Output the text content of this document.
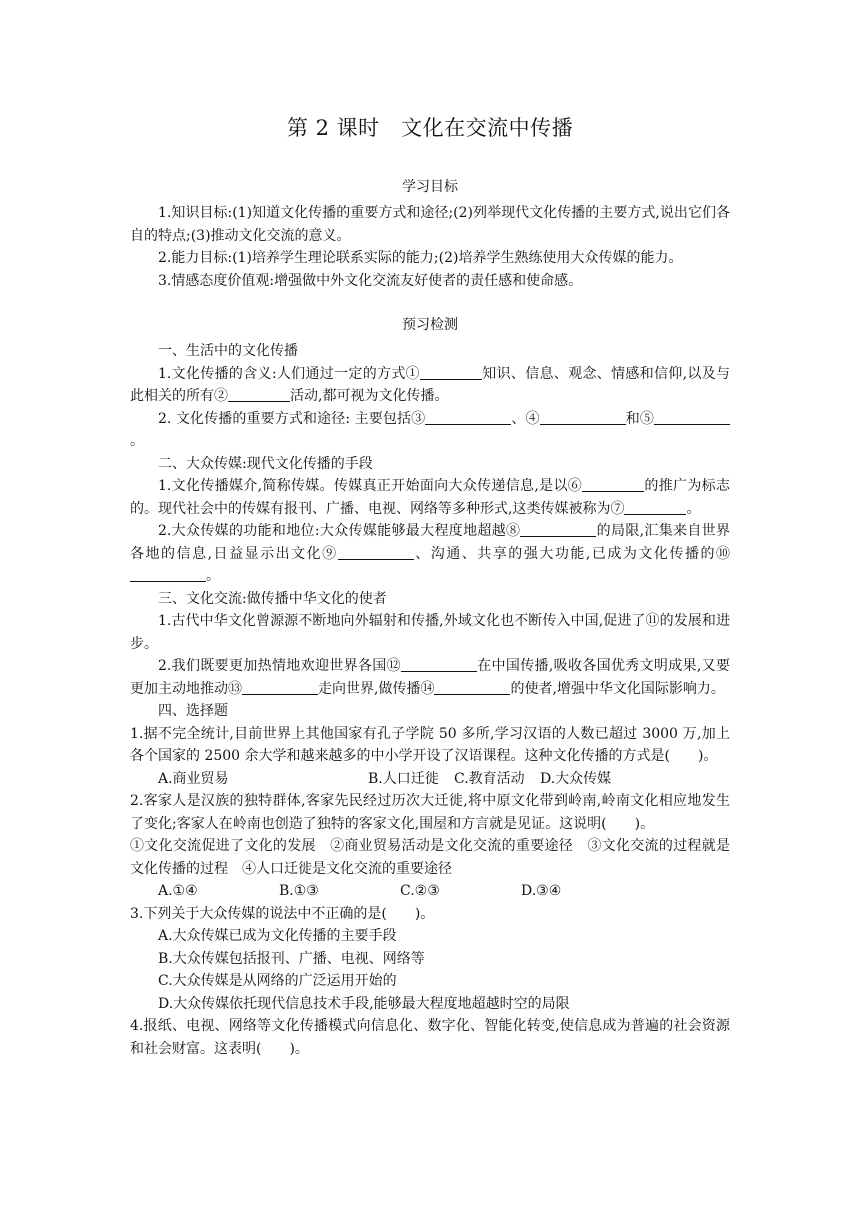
第 2 课时　文化在交流中传播
学习目标

1.知识目标:(1)知道文化传播的重要方式和途径;(2)列举现代文化传播的主要方式,说出它们各自的特点;(3)推动文化交流的意义。

2.能力目标:(1)培养学生理论联系实际的能力;(2)培养学生熟练使用大众传媒的能力。

3.情感态度价值观:增强做中外文化交流友好使者的责任感和使命感。

预习检测

一、生活中的文化传播

1.文化传播的含义:人们通过一定的方式①	知识、信息、观念、情感和信仰,以及与此相关的所有②	活动,都可视为文化传播。

2. 文化传播的重要方式和途径: 主要包括③	、④	和⑤。

二、大众传媒:现代文化传播的手段

1.文化传播媒介,简称传媒。传媒真正开始面向大众传递信息,是以⑥	的推广为标志的。现代社会中的传媒有报刊、广播、电视、网络等多种形式,这类传媒被称为⑦	。

2.大众传媒的功能和地位:大众传媒能够最大程度地超越⑧	的局限,汇集来自世界各地的信息,日益显示出文化⑨	、沟通、共享的强大功能,已成为文化传播的⑩。

三、文化交流:做传播中华文化的使者

1.古代中华文化曾源源不断地向外辐射和传播,外域文化也不断传入中国,促进了⑪的发展和进步。

2.我们既要更加热情地欢迎世界各国⑫	在中国传播,吸收各国优秀文明成果,又要更加主动地推动⑬	走向世界,做传播⑭	的使者,增强中华文化国际影响力。

四、选择题

1.据不完全统计,目前世界上其他国家有孔子学院 50 多所,学习汉语的人数已超过 3000 万,加上各个国家的 2500 余大学和越来越多的中小学开设了汉语课程。这种文化传播的方式是(　　)。

A.商业贸易	B.人口迁徙	C.教育活动	D.大众传媒

2.客家人是汉族的独特群体,客家先民经过历次大迁徙,将中原文化带到岭南,岭南文化相应地发生了变化;客家人在岭南也创造了独特的客家文化,围屋和方言就是见证。这说明(　　)。

①文化交流促进了文化的发展　②商业贸易活动是文化交流的重要途径　③文化交流的过程就是文化传播的过程　④人口迁徙是文化交流的重要途径

A.①④	B.①③	C.②③	D.③④

3.下列关于大众传媒的说法中不正确的是(　　)。

A.大众传媒已成为文化传播的主要手段

B.大众传媒包括报刊、广播、电视、网络等

C.大众传媒是从网络的广泛运用开始的

D.大众传媒依托现代信息技术手段,能够最大程度地超越时空的局限

4.报纸、电视、网络等文化传播模式向信息化、数字化、智能化转变,使信息成为普遍的社会资源和社会财富。这表明(　　)。
